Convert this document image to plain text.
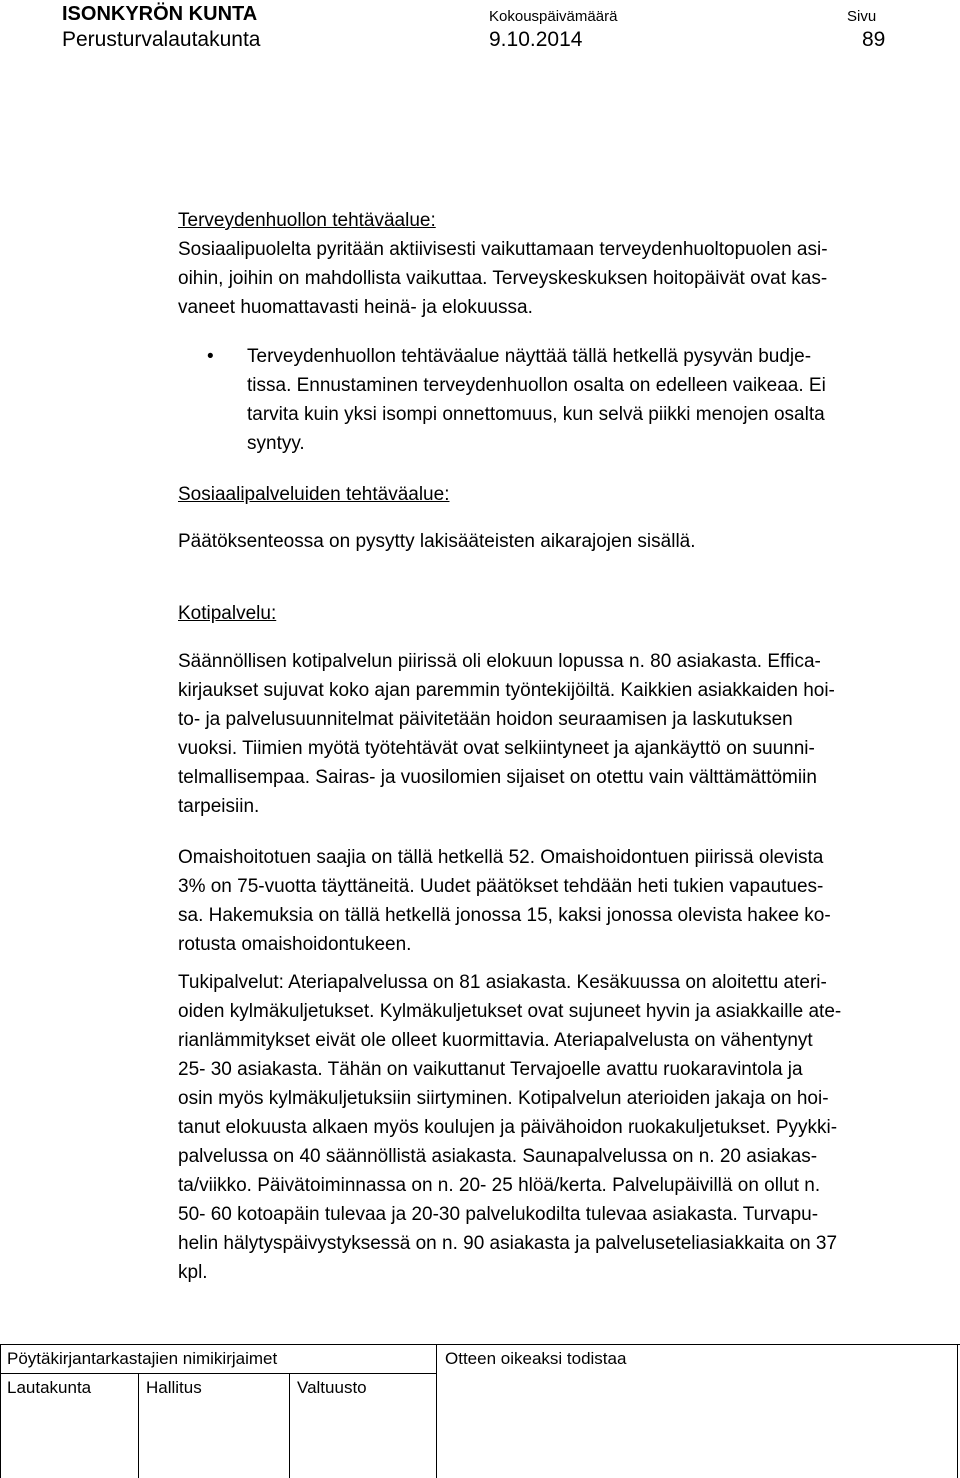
ISONKYRÖN KUNTA
Perusturvalautakunta
Kokouspäivämäärä
9.10.2014
Sivu
89
Terveydenhuollon tehtäväalue:
Sosiaalipuolelta pyritään aktiivisesti vaikuttamaan terveydenhuoltopuolen asi-
oihin, joihin on mahdollista vaikuttaa. Terveyskeskuksen hoitopäivät ovat kas-
vaneet huomattavasti heinä- ja elokuussa.
• Terveydenhuollon tehtäväalue näyttää tällä hetkellä pysyvän budje-
tissa. Ennustaminen terveydenhuollon osalta on edelleen vaikeaa. Ei
tarvita kuin yksi isompi onnettomuus, kun selvä piikki menojen osalta
syntyy.
Sosiaalipalveluiden tehtäväalue:
Päätöksenteossa on pysytty lakisääteisten aikarajojen sisällä.
Kotipalvelu:
Säännöllisen kotipalvelun piirissä oli elokuun lopussa n. 80 asiakasta. Effica-
kirjaukset sujuvat koko ajan paremmin työntekijöiltä. Kaikkien asiakkaiden hoi-
to- ja palvelusuunnitelmat päivitetään hoidon seuraamisen ja laskutuksen
vuoksi. Tiimien myötä työtehtävät ovat selkiintyneet ja ajankäyttö on suunni-
telmallisempaa. Sairas- ja vuosilomien sijaiset on otettu vain välttämättömiin
tarpeisiin.
Omaishoitotuen saajia on tällä hetkellä 52. Omaishoidontuen piirissä olevista
3% on 75-vuotta täyttäneitä. Uudet päätökset tehdään heti tukien vapautues-
sa. Hakemuksia on tällä hetkellä jonossa 15, kaksi jonossa olevista hakee ko-
rotusta omaishoidontukeen.
Tukipalvelut: Ateriapalvelussa on 81 asiakasta. Kesäkuussa on aloitettu ateri-
oiden kylmäkuljetukset. Kylmäkuljetukset ovat sujuneet hyvin ja asiakkaille ate-
rianlämmitykset eivät ole olleet kuormittavia. Ateriapalvelusta on vähentynyt
25- 30 asiakasta. Tähän on vaikuttanut Tervajoelle avattu ruokaravintola ja
osin myös kylmäkuljetuksiin siirtyminen. Kotipalvelun aterioiden jakaja on hoi-
tanut elokuusta alkaen myös koulujen ja päivähoidon ruokakuljetukset. Pyykki-
palvelussa on 40 säännöllistä asiakasta. Saunapalvelussa on n. 20 asiakas-
ta/viikko. Päivätoiminnassa on n. 20- 25 hlöä/kerta. Palvelupäivillä on ollut n.
50- 60 kotoapäin tulevaa ja 20-30 palvelukodilta tulevaa asiakasta. Turvapu-
helin hälytyspäivystyksessä on n. 90 asiakasta ja palveluseteliasiakkaita on 37
kpl.
Pöytäkirjantarkastajien nimikirjaimet	Otteen oikeaksi todistaa
Lautakunta	Hallitus	Valtuusto
